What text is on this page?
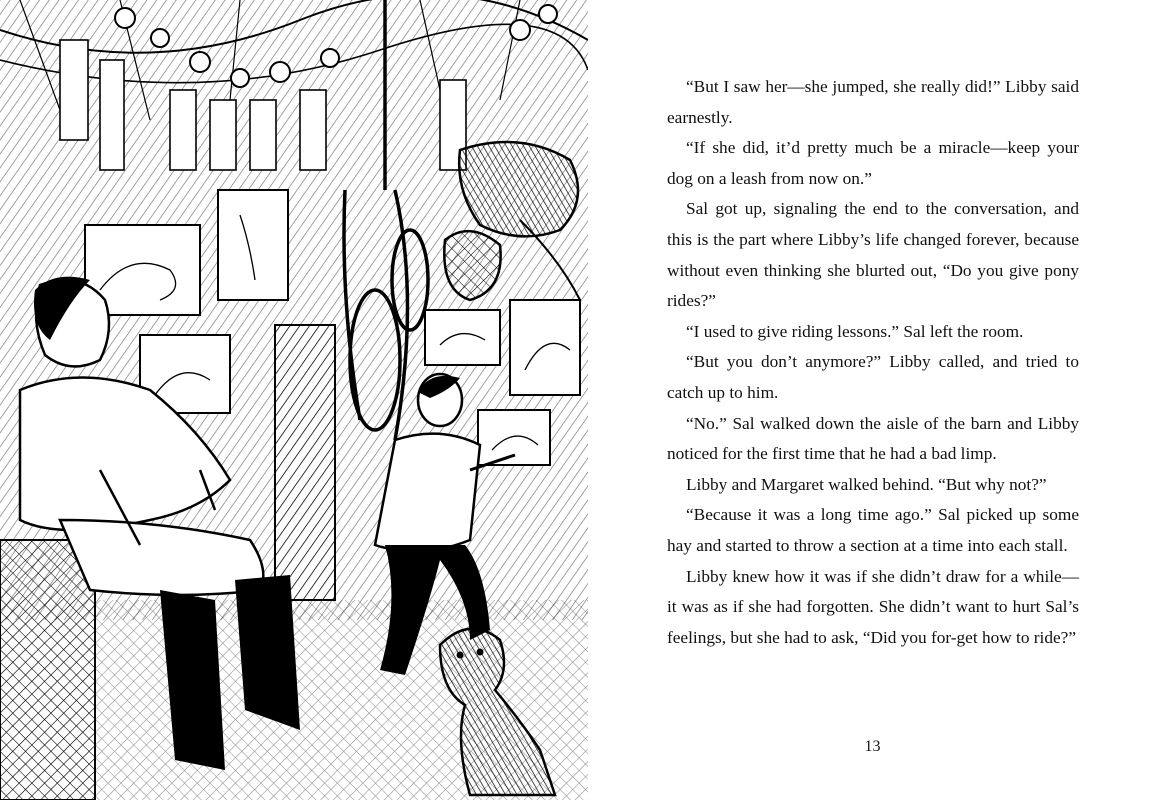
“But I saw her—she jumped, she really did!” Libby said earnestly.

“If she did, it’d pretty much be a miracle—keep your dog on a leash from now on.”

Sal got up, signaling the end to the conversation, and this is the part where Libby’s life changed forever, because without even thinking she blurted out, “Do you give pony rides?”

“I used to give riding lessons.” Sal left the room.

“But you don’t anymore?” Libby called, and tried to catch up to him.

“No.” Sal walked down the aisle of the barn and Libby noticed for the first time that he had a bad limp.

Libby and Margaret walked behind. “But why not?”

“Because it was a long time ago.” Sal picked up some hay and started to throw a section at a time into each stall.

Libby knew how it was if she didn’t draw for a while—it was as if she had forgotten. She didn’t want to hurt Sal’s feelings, but she had to ask, “Did you for-get how to ride?”

13
